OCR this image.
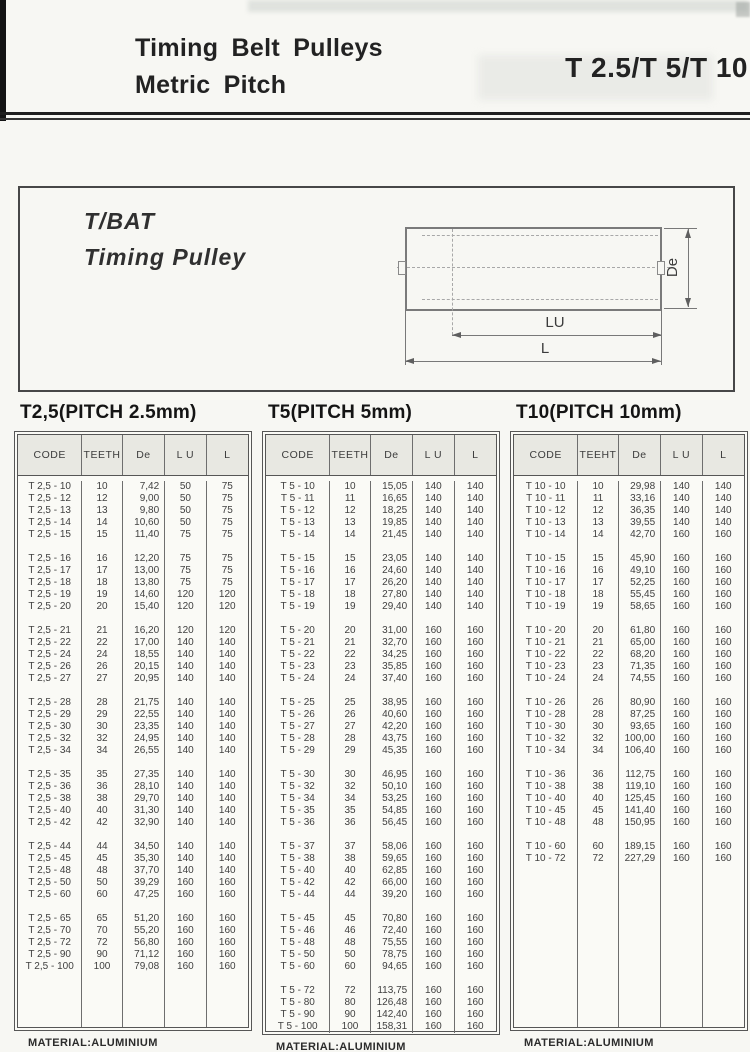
Timing Belt Pulleys
Metric Pitch
T 2.5/T 5/T 10
T/BAT
Timing Pulley	De
LU
L
T2,5(PITCH 2.5mm)
CODE	TEETH	De	L U	L
T 2,5 - 10	10	7,42	50	75
T 2,5 - 12	12	9,00	50	75
T 2,5 - 13	13	9,80	50	75
T 2,5 - 14	14	10,60	50	75
T 2,5 - 15	15	11,40	75	75
T 2,5 - 16	16	12,20	75	75
T 2,5 - 17	17	13,00	75	75
T 2,5 - 18	18	13,80	75	75
T 2,5 - 19	19	14,60	120	120
T 2,5 - 20	20	15,40	120	120
T 2,5 - 21	21	16,20	120	120
T 2,5 - 22	22	17,00	140	140
T 2,5 - 24	24	18,55	140	140
T 2,5 - 26	26	20,15	140	140
T 2,5 - 27	27	20,95	140	140
T 2,5 - 28	28	21,75	140	140
T 2,5 - 29	29	22,55	140	140
T 2,5 - 30	30	23,35	140	140
T 2,5 - 32	32	24,95	140	140
T 2,5 - 34	34	26,55	140	140
T 2,5 - 35	35	27,35	140	140
T 2,5 - 36	36	28,10	140	140
T 2,5 - 38	38	29,70	140	140
T 2,5 - 40	40	31,30	140	140
T 2,5 - 42	42	32,90	140	140
T 2,5 - 44	44	34,50	140	140
T 2,5 - 45	45	35,30	140	140
T 2,5 - 48	48	37,70	140	140
T 2,5 - 50	50	39,29	160	160
T 2,5 - 60	60	47,25	160	160
T 2,5 - 65	65	51,20	160	160
T 2,5 - 70	70	55,20	160	160
T 2,5 - 72	72	56,80	160	160
T 2,5 - 90	90	71,12	160	160
T 2,5 - 100	100	79,08	160	160
MATERIAL:ALUMINIUM
T5(PITCH 5mm)
CODE	TEETH	De	L U	L
T 5 - 10	10	15,05	140	140
T 5 - 11	11	16,65	140	140
T 5 - 12	12	18,25	140	140
T 5 - 13	13	19,85	140	140
T 5 - 14	14	21,45	140	140
T 5 - 15	15	23,05	140	140
T 5 - 16	16	24,60	140	140
T 5 - 17	17	26,20	140	140
T 5 - 18	18	27,80	140	140
T 5 - 19	19	29,40	140	140
T 5 - 20	20	31,00	160	160
T 5 - 21	21	32,70	160	160
T 5 - 22	22	34,25	160	160
T 5 - 23	23	35,85	160	160
T 5 - 24	24	37,40	160	160
T 5 - 25	25	38,95	160	160
T 5 - 26	26	40,60	160	160
T 5 - 27	27	42,20	160	160
T 5 - 28	28	43,75	160	160
T 5 - 29	29	45,35	160	160
T 5 - 30	30	46,95	160	160
T 5 - 32	32	50,10	160	160
T 5 - 34	34	53,25	160	160
T 5 - 35	35	54,85	160	160
T 5 - 36	36	56,45	160	160
T 5 - 37	37	58,06	160	160
T 5 - 38	38	59,65	160	160
T 5 - 40	40	62,85	160	160
T 5 - 42	42	66,00	160	160
T 5 - 44	44	39,20	160	160
T 5 - 45	45	70,80	160	160
T 5 - 46	46	72,40	160	160
T 5 - 48	48	75,55	160	160
T 5 - 50	50	78,75	160	160
T 5 - 60	60	94,65	160	160
T 5 - 72	72	113,75	160	160
T 5 - 80	80	126,48	160	160
T 5 - 90	90	142,40	160	160
T 5 - 100	100	158,31	160	160
MATERIAL:ALUMINIUM
T10(PITCH 10mm)
CODE	TEEHT	De	L U	L
T 10 - 10	10	29,98	140	140
T 10 - 11	11	33,16	140	140
T 10 - 12	12	36,35	140	140
T 10 - 13	13	39,55	140	140
T 10 - 14	14	42,70	160	160
T 10 - 15	15	45,90	160	160
T 10 - 16	16	49,10	160	160
T 10 - 17	17	52,25	160	160
T 10 - 18	18	55,45	160	160
T 10 - 19	19	58,65	160	160
T 10 - 20	20	61,80	160	160
T 10 - 21	21	65,00	160	160
T 10 - 22	22	68,20	160	160
T 10 - 23	23	71,35	160	160
T 10 - 24	24	74,55	160	160
T 10 - 26	26	80,90	160	160
T 10 - 28	28	87,25	160	160
T 10 - 30	30	93,65	160	160
T 10 - 32	32	100,00	160	160
T 10 - 34	34	106,40	160	160
T 10 - 36	36	112,75	160	160
T 10 - 38	38	119,10	160	160
T 10 - 40	40	125,45	160	160
T 10 - 45	45	141,40	160	160
T 10 - 48	48	150,95	160	160
T 10 - 60	60	189,15	160	160
T 10 - 72	72	227,29	160	160
MATERIAL:ALUMINIUM
